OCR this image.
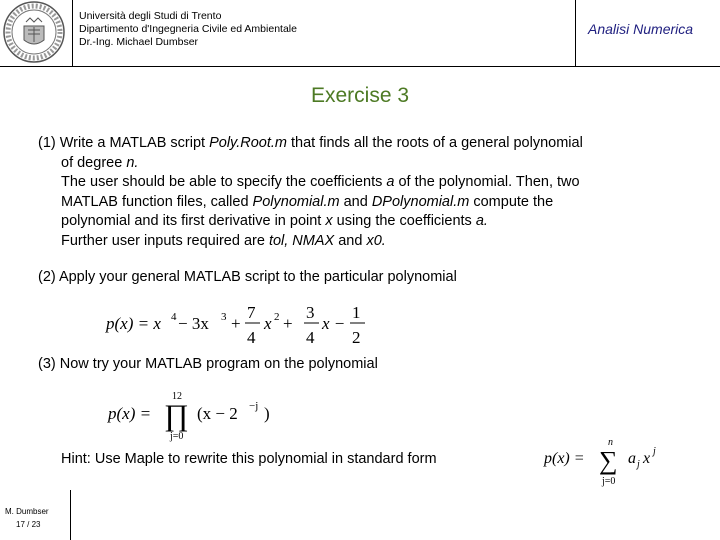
Università degli Studi di Trento
Dipartimento d'Ingegneria Civile ed Ambientale
Dr.-Ing. Michael Dumbser
Analisi Numerica
Exercise 3
(1) Write a MATLAB script Poly.Root.m that finds all the roots of a general polynomial
of degree n.
The user should be able to specify the coefficients a of the polynomial. Then, two
MATLAB function files, called Polynomial.m and DPolynomial.m compute the
polynomial and its first derivative in point x using the coefficients a.
Further user inputs required are tol, NMAX and x0.
(2) Apply your general MATLAB script to the particular polynomial
p(x) = x 4 − 3x 3 +
7
4
x 2 +
3
4
x −
1
2
(3) Now try your MATLAB program on the polynomial
p(x) =
12
∏
j=0
(x − 2 −j )
Hint: Use Maple to rewrite this polynomial in standard form	p(x) =
n
∑
j=0
a j x j
M. Dumbser
17 / 23
